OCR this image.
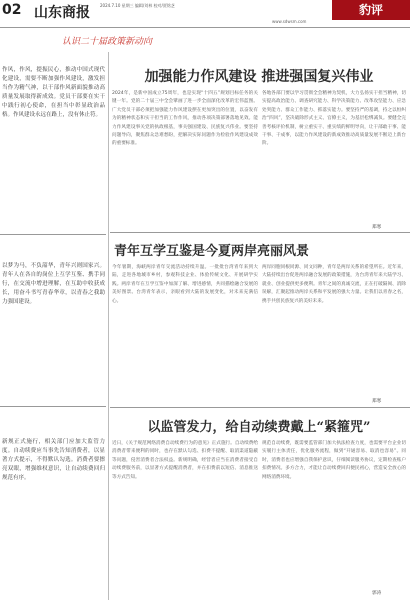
02 山东商报	2024.7.10 星期三 编辑/刘林 校对/贾铭芝
www.sdwsm.com
豹评
认识二十届政策新动向
作风，作风，提振民心，推动中国式现代化建设，需要不断加强作风建设，激发担当作为精气神，以干部作风新面貌推动高质量发展取得新成效。党员干部要在实干中践行初心使命，在担当中彰显政治品格。作风建设永远在路上，没有休止符。
以梦为马，不负韶华，青年兴则国家兴。青年人在各自的岗位上互学互鉴、携手同行，在交流中增进理解，在互助中收获成长，用奋斗书写青春华章，以青春之我助力强国建设。
新规正式施行，相关部门应加大监管力度。自动续费应当事先告知消费者，以显著方式提示，不得默认勾选。消费者要擦亮双眼，增强维权意识，让自动续费回归规范有序。
加强能力作风建设 推进强国复兴伟业
2024年，是新中国成立75周年，也是实现“十四五”规划目标任务的关键一年。党的二十届三中全会擘画了进一步全面深化改革的宏伟蓝图。广大党员干部必须把加强能力作风建设摆在更加突出的位置，以奋发有为的精神状态和实干担当的工作作风，推动各项决策部署落地见效。能力作风建设事关党的执政根基，事关强国建设、民族复兴伟业。要坚持问题导向，聚焦群众急难愁盼，把解决实际问题作为检验作风建设成效的重要标准。
各地各部门要以学习贯彻全会精神为契机，大力弘扬实干担当精神，切实提高政治能力、调查研究能力、科学决策能力、改革攻坚能力、应急处突能力、群众工作能力、抓落实能力。要坚持严的基调，持之以恒纠治“四风”，坚决破除形式主义、官僚主义，为基层松绑减负。要健全完善考核评价机制，树立重实干、重实绩的鲜明导向，让干部敢干事、能干事、干成事，以能力作风建设的新成效推动高质量发展不断迈上新台阶。
郑寒
青年互学互鉴是今夏两岸亮丽风景
今年暑期，海峡两岸青年交流活动持续升温。一批批台湾青年来到大陆，走进各地城市乡村，参观科技企业、体验传统文化、开展研学实践。两岸青年在互学互鉴中加深了解、增进感情，共同描绘融合发展的美好图景。台湾青年表示，亲眼看到大陆的发展变化，对未来充满信心。
两岸同胞同根同源、同文同种，青年是两岸关系的希望所在。近年来，大陆持续出台促进两岸融合发展的政策措施，为台湾青年来大陆学习、就业、创业提供更多便利。青年之间的真诚交流，正在打破隔阂、消除误解，汇聚起推动两岸关系和平发展的强大力量。让我们以青春之名，携手共创民族复兴的美好未来。
郑寒
以监管发力，给自动续费戴上“紧箍咒”
近日，《关于规范网络消费自动续费行为的意见》正式施行。自动续费给消费者带来便利的同时，也存在默认勾选、扣费不提醒、取消渠道隐蔽等问题，侵害消费者合法权益。新规明确，经营者应当在消费者接受自动续费服务前，以显著方式提醒消费者，并在扣费前以短信、消息推送等方式告知。
规范自动续费，既需要监管部门加大执法检查力度，也需要平台企业切实履行主体责任，优化服务流程，做到“开通容易、取消也容易”。同时，消费者也应增强自我保护意识，仔细阅读服务协议，定期检查账户扣费情况。多方合力，才能让自动续费回归便民初心，营造安全放心的网络消费环境。
郭涛
